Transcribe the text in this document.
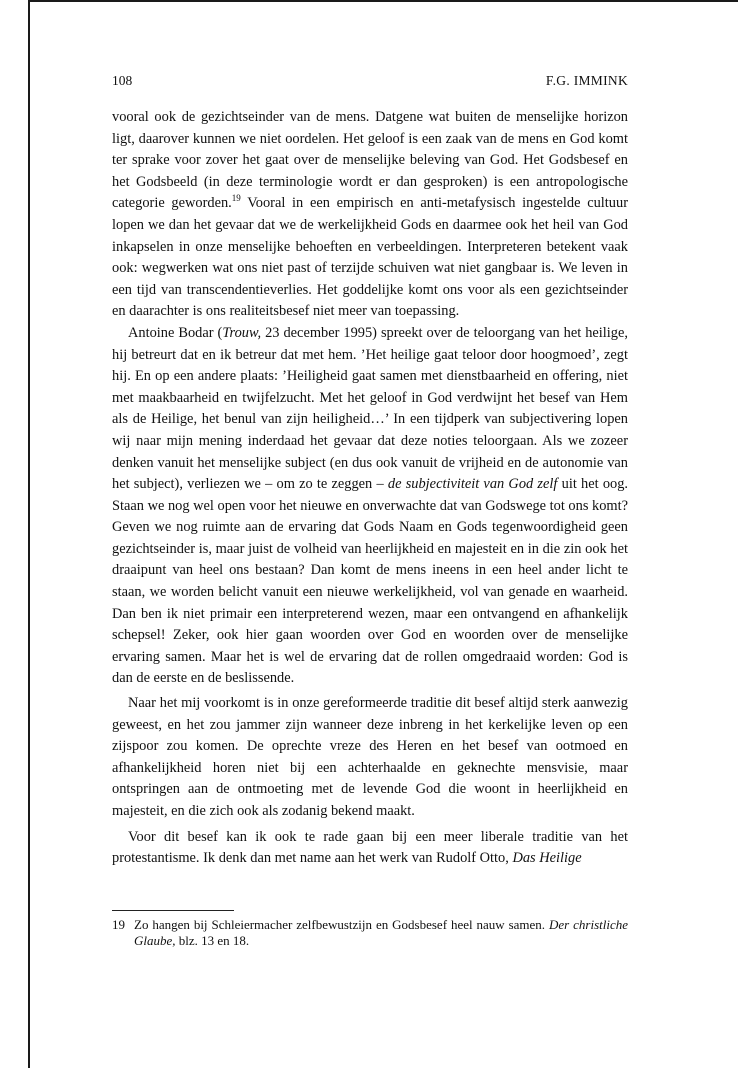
108	F.G. IMMINK

vooral ook de gezichtseinder van de mens. Datgene wat buiten de menselijke horizon ligt, daarover kunnen we niet oordelen. Het geloof is een zaak van de mens en God komt ter sprake voor zover het gaat over de menselijke beleving van God. Het Godsbesef en het Godsbeeld (in deze terminologie wordt er dan gesproken) is een antropologische categorie geworden.$^{19}$ Vooral in een empirisch en anti-metafysisch ingestelde cultuur lopen we dan het gevaar dat we de werkelijkheid Gods en daarmee ook het heil van God inkapselen in onze menselijke behoeften en verbeeldingen. Interpreteren betekent vaak ook: wegwerken wat ons niet past of terzijde schuiven wat niet gangbaar is. We leven in een tijd van transcendentieverlies. Het goddelijke komt ons voor als een gezichtseinder en daarachter is ons realiteitsbesef niet meer van toepassing.

Antoine Bodar (Trouw, 23 december 1995) spreekt over de teloorgang van het heilige, hij betreurt dat en ik betreur dat met hem. ’Het heilige gaat teloor door hoogmoed’, zegt hij. En op een andere plaats: ’Heiligheid gaat samen met dienstbaarheid en offering, niet met maakbaarheid en twijfelzucht. Met het geloof in God verdwijnt het besef van Hem als de Heilige, het benul van zijn heiligheid…’ In een tijdperk van subjectivering lopen wij naar mijn mening inderdaad het gevaar dat deze noties teloorgaan. Als we zozeer denken vanuit het menselijke subject (en dus ook vanuit de vrijheid en de autonomie van het subject), verliezen we – om zo te zeggen – de subjectiviteit van God zelf uit het oog. Staan we nog wel open voor het nieuwe en onverwachte dat van Godswege tot ons komt? Geven we nog ruimte aan de ervaring dat Gods Naam en Gods tegenwoordigheid geen gezichtseinder is, maar juist de volheid van heerlijkheid en majesteit en in die zin ook het draaipunt van heel ons bestaan? Dan komt de mens ineens in een heel ander licht te staan, we worden belicht vanuit een nieuwe werkelijkheid, vol van genade en waarheid. Dan ben ik niet primair een interpreterend wezen, maar een ontvangend en afhankelijk schepsel! Zeker, ook hier gaan woorden over God en woorden over de menselijke ervaring samen. Maar het is wel de ervaring dat de rollen omgedraaid worden: God is dan de eerste en de beslissende.

Naar het mij voorkomt is in onze gereformeerde traditie dit besef altijd sterk aanwezig geweest, en het zou jammer zijn wanneer deze inbreng in het kerkelijke leven op een zijspoor zou komen. De oprechte vreze des Heren en het besef van ootmoed en afhankelijkheid horen niet bij een achterhaalde en geknechte mensvisie, maar ontspringen aan de ontmoeting met de levende God die woont in heerlijkheid en majesteit, en die zich ook als zodanig bekend maakt.

Voor dit besef kan ik ook te rade gaan bij een meer liberale traditie van het protestantisme. Ik denk dan met name aan het werk van Rudolf Otto, Das Heilige

19 Zo hangen bij Schleiermacher zelfbewustzijn en Godsbesef heel nauw samen. Der christliche Glaube, blz. 13 en 18.
